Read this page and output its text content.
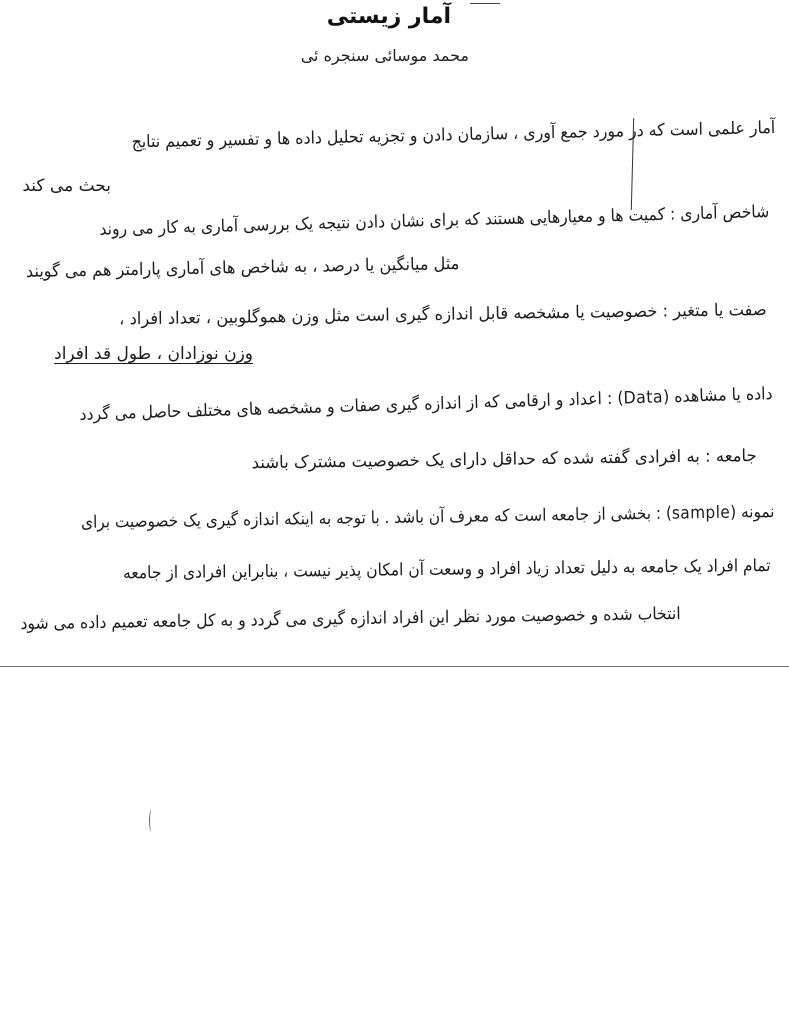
آمار زیستی
محمد موسائی سنجره ئی
آمار علمی است که در مورد جمع آوری ، سازمان دادن و تجزیه تحلیل داده ها و تفسیر و تعمیم نتایج
بحث می کند
شاخص آماری : کمیت ها و معیارهایی هستند که برای نشان دادن نتیجه یک بررسی آماری به کار می روند
مثل میانگین یا درصد ، به شاخص های آماری پارامتر هم می گویند
صفت یا متغیر : خصوصیت یا مشخصه قابل اندازه گیری است مثل وزن هموگلوبین ، تعداد افراد ،
وزن نوزادان ، طول قد افراد
داده یا مشاهده (Data) : اعداد و ارقامی که از اندازه گیری صفات و مشخصه های مختلف حاصل می گردد
جامعه : به افرادی گفته شده که حداقل دارای یک خصوصیت مشترک باشند
نمونه (sample) : بخشی از جامعه است که معرف آن باشد . با توجه به اینکه اندازه گیری یک خصوصیت برای
تمام افراد یک جامعه به دلیل تعداد زیاد افراد و وسعت آن امکان پذیر نیست ، بنابراین افرادی از جامعه
انتخاب شده و خصوصیت مورد نظر این افراد اندازه گیری می گردد و به کل جامعه تعمیم داده می شود
